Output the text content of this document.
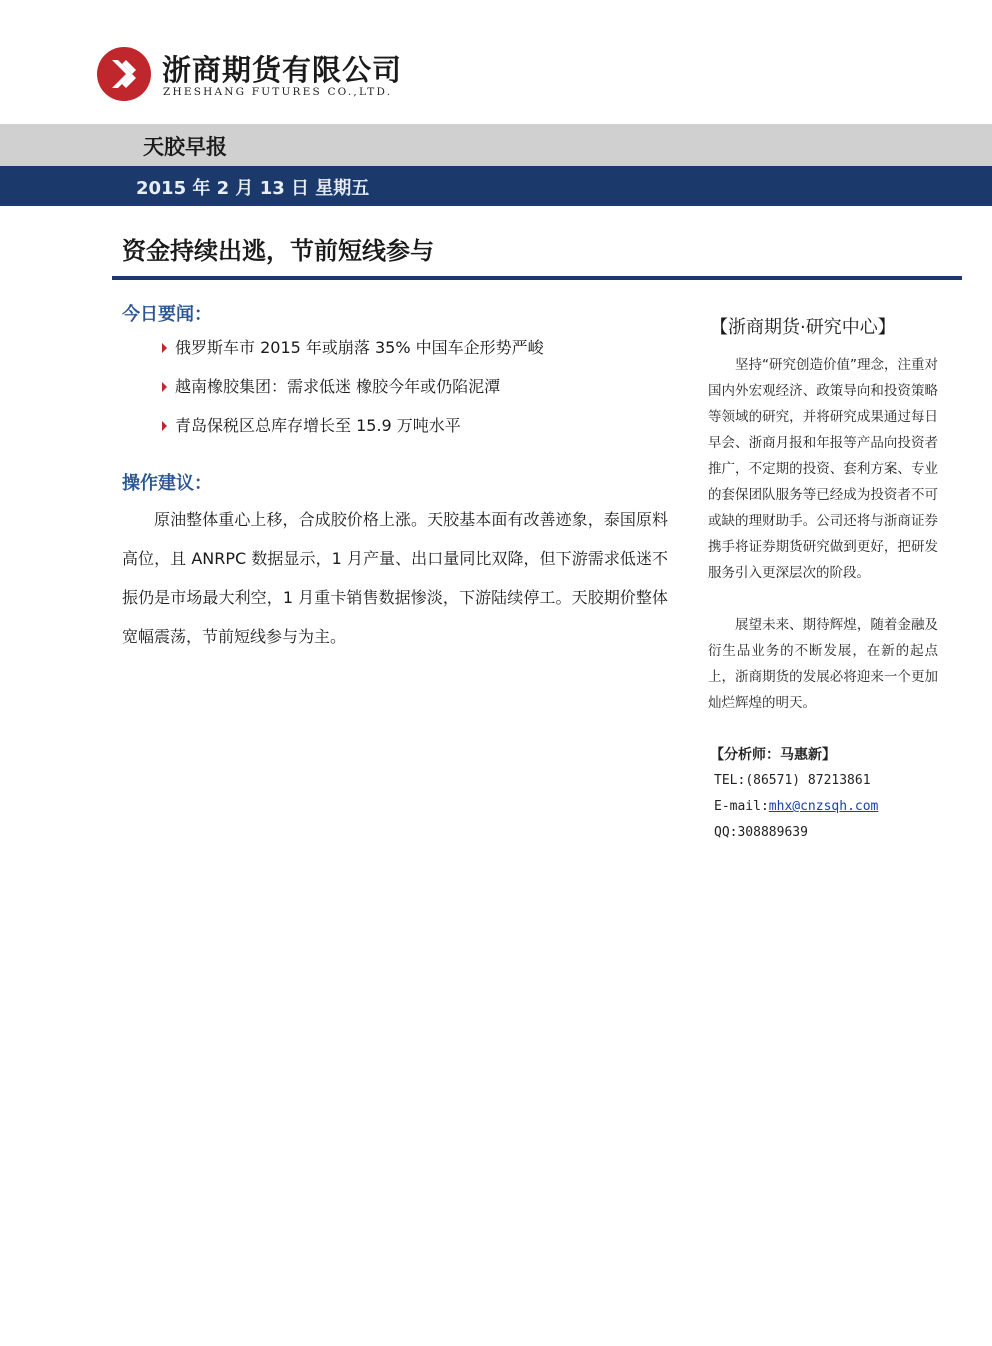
浙商期货有限公司
ZHESHANG FUTURES CO.,LTD.
天胶早报
2015 年 2 月 13 日 星期五
资金持续出逃，节前短线参与
今日要闻：
俄罗斯车市 2015 年或崩落 35% 中国车企形势严峻
越南橡胶集团：需求低迷 橡胶今年或仍陷泥潭
青岛保税区总库存增长至 15.9 万吨水平
操作建议：

原油整体重心上移，合成胶价格上涨。天胶基本面有改善迹象，泰国原料高位，且 ANRPC 数据显示，1 月产量、出口量同比双降，但下游需求低迷不振仍是市场最大利空，1 月重卡销售数据惨淡，下游陆续停工。天胶期价整体宽幅震荡，节前短线参与为主。

【浙商期货·研究中心】

坚持“研究创造价值”理念，注重对国内外宏观经济、政策导向和投资策略等领域的研究，并将研究成果通过每日早会、浙商月报和年报等产品向投资者推广，不定期的投资、套利方案、专业的套保团队服务等已经成为投资者不可或缺的理财助手。公司还将与浙商证券携手将证券期货研究做到更好，把研发服务引入更深层次的阶段。

展望未来、期待辉煌，随着金融及衍生品业务的不断发展，在新的起点上，浙商期货的发展必将迎来一个更加灿烂辉煌的明天。

【分析师：马惠新】
TEL:(86571) 87213861
E-mail:mhx@cnzsqh.com
QQ:308889639
